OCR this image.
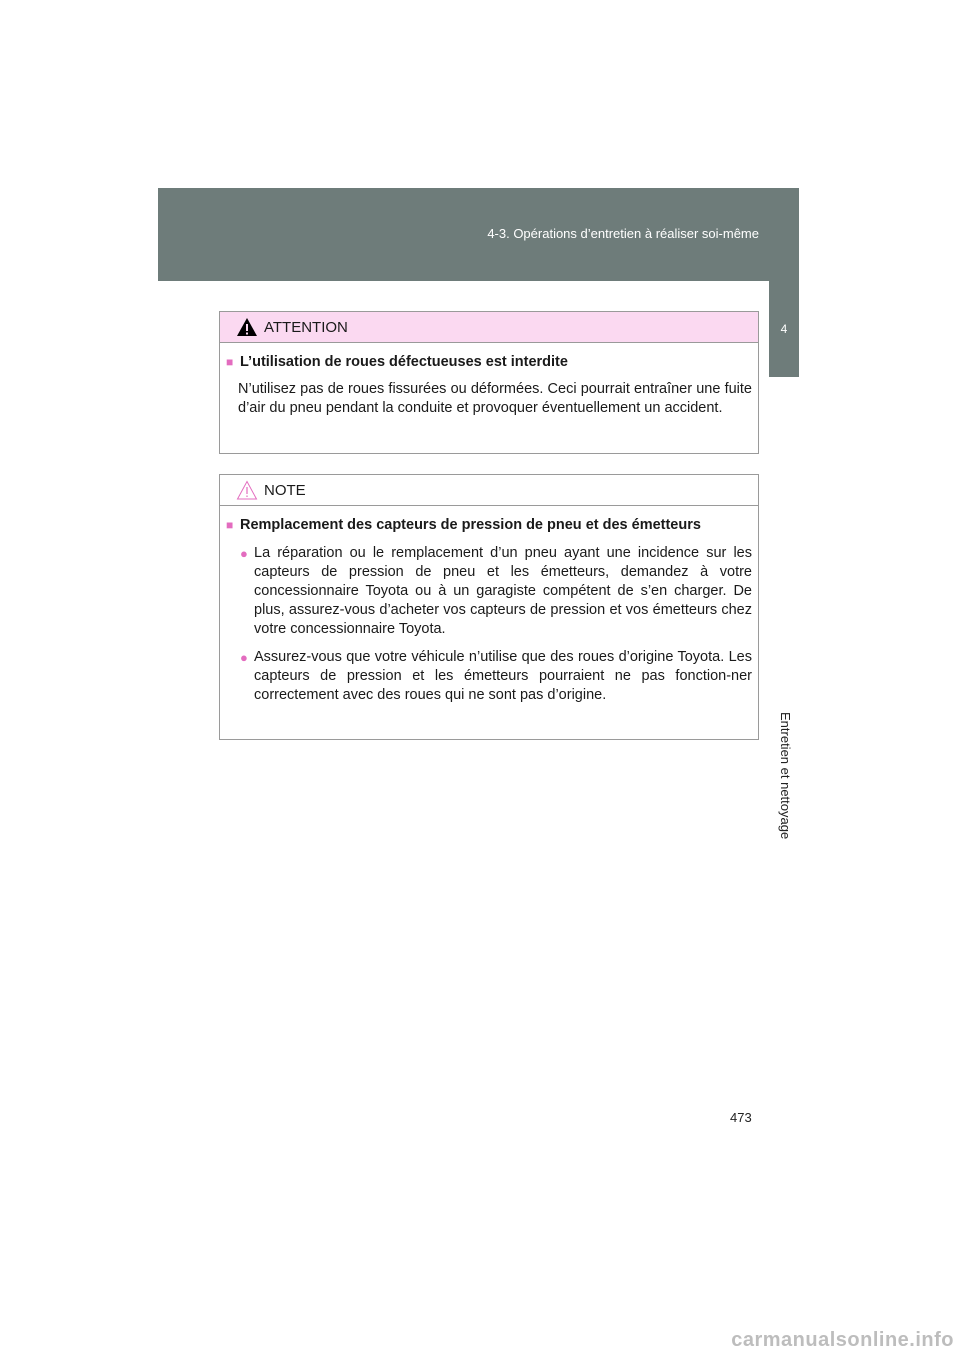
4-3. Opérations d’entretien à réaliser soi-même
4
Entretien et nettoyage
ATTENTION
■ L’utilisation de roues défectueuses est interdite
N’utilisez pas de roues fissurées ou déformées. Ceci pourrait entraîner une fuite d’air du pneu pendant la conduite et provoquer éventuellement un accident.
NOTE
■ Remplacement des capteurs de pression de pneu et des émetteurs
● La réparation ou le remplacement d’un pneu ayant une incidence sur les capteurs de pression de pneu et les émetteurs, demandez à votre concessionnaire Toyota ou à un garagiste compétent de s’en charger. De plus, assurez-vous d’acheter vos capteurs de pression et vos émetteurs chez votre concessionnaire Toyota.
● Assurez-vous que votre véhicule n’utilise que des roues d’origine Toyota. Les capteurs de pression et les émetteurs pourraient ne pas fonction-ner correctement avec des roues qui ne sont pas d’origine.
473
carmanualsonline.info
